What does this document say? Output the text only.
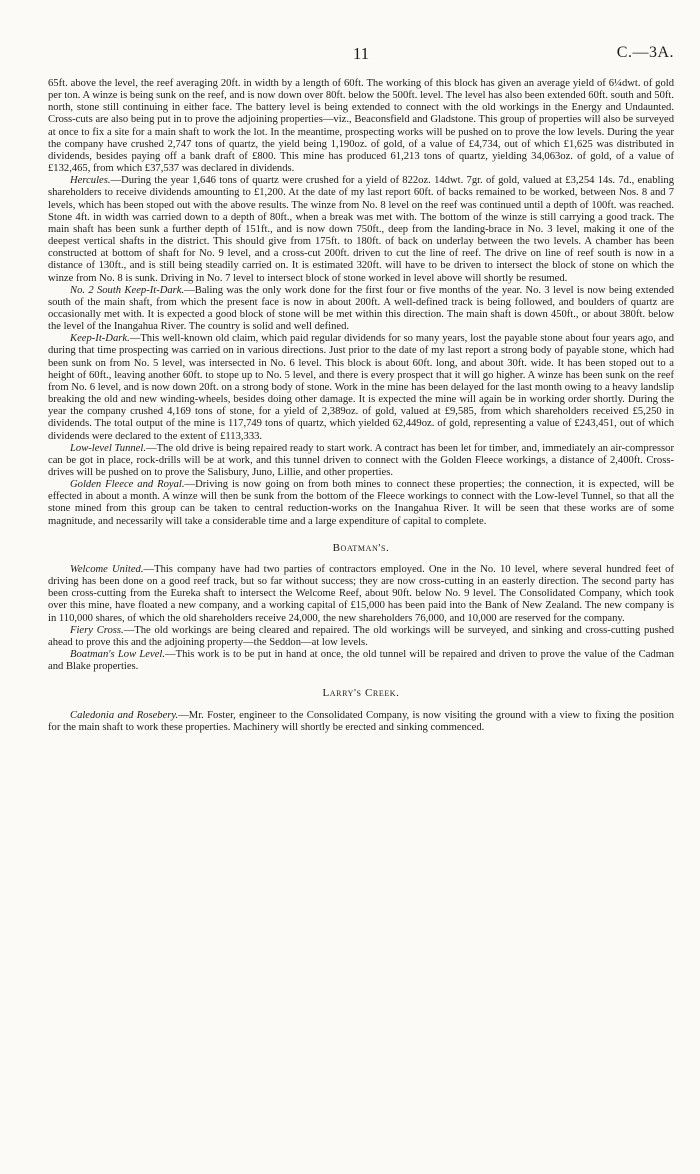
11	C.—3A.

65ft. above the level, the reef averaging 20ft. in width by a length of 60ft. The working of this block has given an average yield of 6¼dwt. of gold per ton. A winze is being sunk on the reef, and is now down over 80ft. below the 500ft. level. The level has also been extended 60ft. south and 50ft. north, stone still continuing in either face. The battery level is being extended to connect with the old workings in the Energy and Undaunted. Cross-cuts are also being put in to prove the adjoining properties—viz., Beaconsfield and Gladstone. This group of properties will also be surveyed at once to fix a site for a main shaft to work the lot. In the meantime, prospecting works will be pushed on to prove the low levels. During the year the company have crushed 2,747 tons of quartz, the yield being 1,190oz. of gold, of a value of £4,734, out of which £1,625 was distributed in dividends, besides paying off a bank draft of £800. This mine has produced 61,213 tons of quartz, yielding 34,063oz. of gold, of a value of £132,465, from which £37,537 was declared in dividends.

Hercules.—During the year 1,646 tons of quartz were crushed for a yield of 822oz. 14dwt. 7gr. of gold, valued at £3,254 14s. 7d., enabling shareholders to receive dividends amounting to £1,200. At the date of my last report 60ft. of backs remained to be worked, between Nos. 8 and 7 levels, which has been stoped out with the above results. The winze from No. 8 level on the reef was continued until a depth of 100ft. was reached. Stone 4ft. in width was carried down to a depth of 80ft., when a break was met with. The bottom of the winze is still carrying a good track. The main shaft has been sunk a further depth of 151ft., and is now down 750ft., deep from the landing-brace in No. 3 level, making it one of the deepest vertical shafts in the district. This should give from 175ft. to 180ft. of back on underlay between the two levels. A chamber has been constructed at bottom of shaft for No. 9 level, and a cross-cut 200ft. driven to cut the line of reef. The drive on line of reef south is now in a distance of 130ft., and is still being steadily carried on. It is estimated 320ft. will have to be driven to intersect the block of stone on which the winze from No. 8 is sunk. Driving in No. 7 level to intersect block of stone worked in level above will shortly be resumed.

No. 2 South Keep-It-Dark.—Baling was the only work done for the first four or five months of the year. No. 3 level is now being extended south of the main shaft, from which the present face is now in about 200ft. A well-defined track is being followed, and boulders of quartz are occasionally met with. It is expected a good block of stone will be met within this direction. The main shaft is down 450ft., or about 380ft. below the level of the Inangahua River. The country is solid and well defined.

Keep-It-Dark.—This well-known old claim, which paid regular dividends for so many years, lost the payable stone about four years ago, and during that time prospecting was carried on in various directions. Just prior to the date of my last report a strong body of payable stone, which had been sunk on from No. 5 level, was intersected in No. 6 level. This block is about 60ft. long, and about 30ft. wide. It has been stoped out to a height of 60ft., leaving another 60ft. to stope up to No. 5 level, and there is every prospect that it will go higher. A winze has been sunk on the reef from No. 6 level, and is now down 20ft. on a strong body of stone. Work in the mine has been delayed for the last month owing to a heavy landslip breaking the old and new winding-wheels, besides doing other damage. It is expected the mine will again be in working order shortly. During the year the company crushed 4,169 tons of stone, for a yield of 2,389oz. of gold, valued at £9,585, from which shareholders received £5,250 in dividends. The total output of the mine is 117,749 tons of quartz, which yielded 62,449oz. of gold, representing a value of £243,451, out of which dividends were declared to the extent of £113,333.

Low-level Tunnel.—The old drive is being repaired ready to start work. A contract has been let for timber, and, immediately an air-compressor can be got in place, rock-drills will be at work, and this tunnel driven to connect with the Golden Fleece workings, a distance of 2,400ft. Cross-drives will be pushed on to prove the Salisbury, Juno, Lillie, and other properties.

Golden Fleece and Royal.—Driving is now going on from both mines to connect these properties; the connection, it is expected, will be effected in about a month. A winze will then be sunk from the bottom of the Fleece workings to connect with the Low-level Tunnel, so that all the stone mined from this group can be taken to central reduction-works on the Inangahua River. It will be seen that these works are of some magnitude, and necessarily will take a considerable time and a large expenditure of capital to complete.

Boatman's.

Welcome United.—This company have had two parties of contractors employed. One in the No. 10 level, where several hundred feet of driving has been done on a good reef track, but so far without success; they are now cross-cutting in an easterly direction. The second party has been cross-cutting from the Eureka shaft to intersect the Welcome Reef, about 90ft. below No. 9 level. The Consolidated Company, which took over this mine, have floated a new company, and a working capital of £15,000 has been paid into the Bank of New Zealand. The new company is in 110,000 shares, of which the old shareholders receive 24,000, the new shareholders 76,000, and 10,000 are reserved for the company.

Fiery Cross.—The old workings are being cleared and repaired. The old workings will be surveyed, and sinking and cross-cutting pushed ahead to prove this and the adjoining property—the Seddon—at low levels.

Boatman's Low Level.—This work is to be put in hand at once, the old tunnel will be repaired and driven to prove the value of the Cadman and Blake properties.

Larry's Creek.

Caledonia and Rosebery.—Mr. Foster, engineer to the Consolidated Company, is now visiting the ground with a view to fixing the position for the main shaft to work these properties. Machinery will shortly be erected and sinking commenced.
